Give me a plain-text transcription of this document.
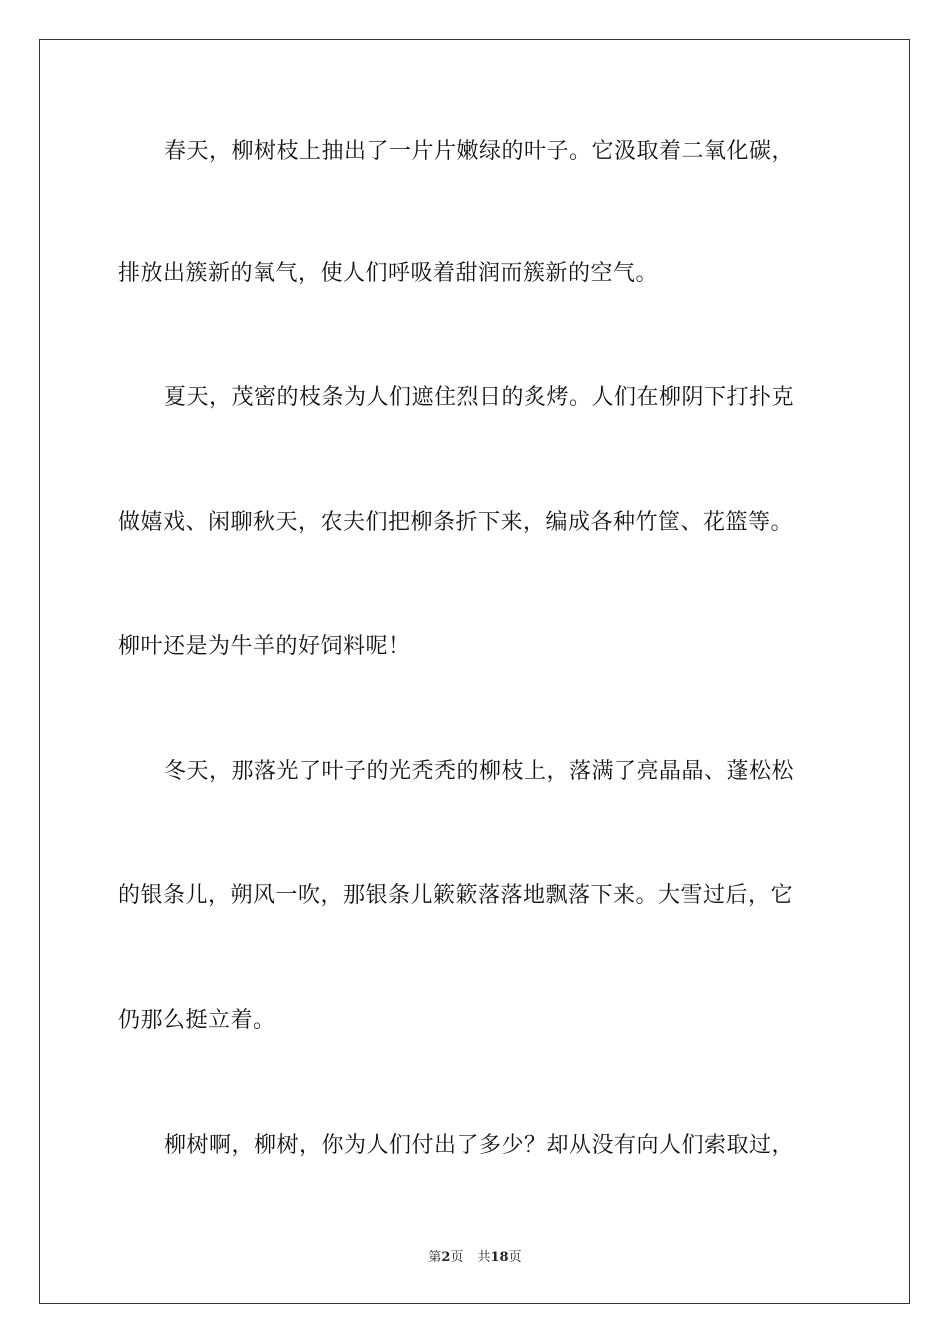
春天，柳树枝上抽出了一片片嫩绿的叶子。它汲取着二氧化碳，
排放出簇新的氧气，使人们呼吸着甜润而簇新的空气。
夏天，茂密的枝条为人们遮住烈日的炙烤。人们在柳阴下打扑克
做嬉戏、闲聊秋天，农夫们把柳条折下来，编成各种竹筐、花篮等。
柳叶还是为牛羊的好饲料呢！
冬天，那落光了叶子的光秃秃的柳枝上，落满了亮晶晶、蓬松松
的银条儿，朔风一吹，那银条儿簌簌落落地飘落下来。大雪过后，它
仍那么挺立着。
柳树啊，柳树，你为人们付出了多少？却从没有向人们索取过，
第2页 共18页
